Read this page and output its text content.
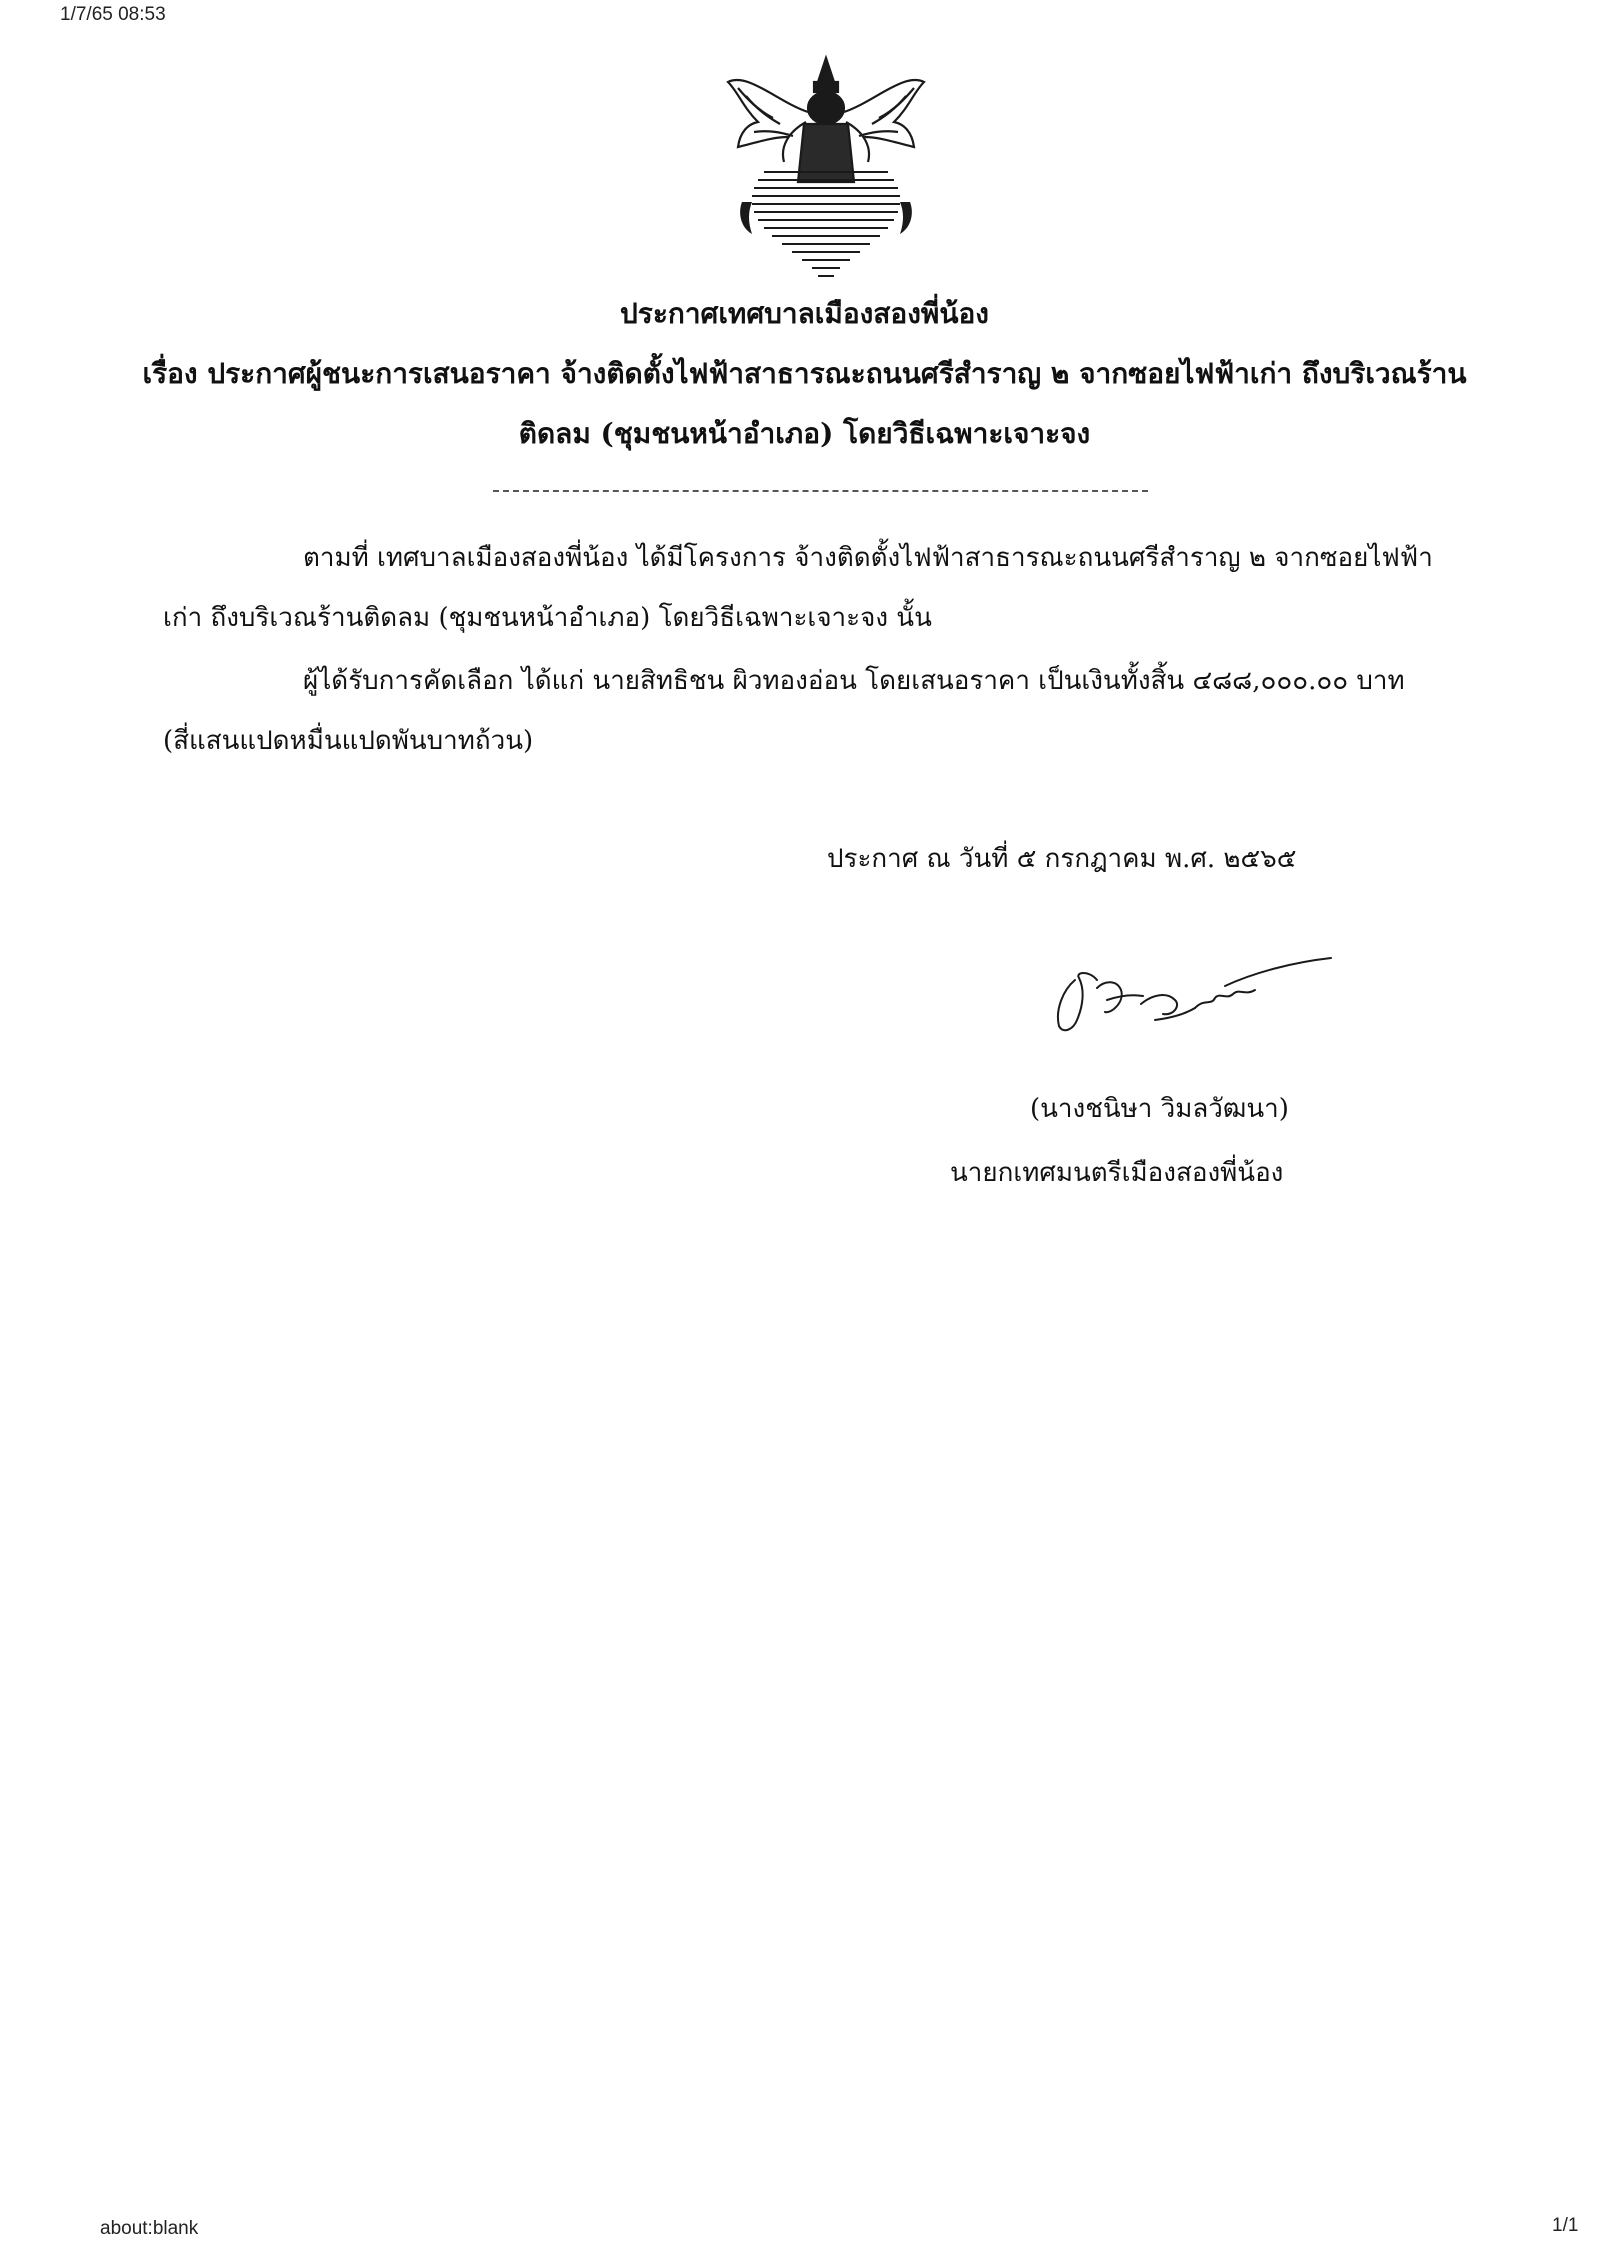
1/7/65 08:53
ประกาศเทศบาลเมืองสองพี่น้อง
เรื่อง ประกาศผู้ชนะการเสนอราคา จ้างติดตั้งไฟฟ้าสาธารณะถนนศรีสำราญ ๒ จากซอยไฟฟ้าเก่า ถึงบริเวณร้าน
ติดลม (ชุมชนหน้าอำเภอ) โดยวิธีเฉพาะเจาะจง
ตามที่ เทศบาลเมืองสองพี่น้อง ได้มีโครงการ จ้างติดตั้งไฟฟ้าสาธารณะถนนศรีสำราญ ๒ จากซอยไฟฟ้า
เก่า ถึงบริเวณร้านติดลม (ชุมชนหน้าอำเภอ) โดยวิธีเฉพาะเจาะจง นั้น
ผู้ได้รับการคัดเลือก ได้แก่ นายสิทธิชน ผิวทองอ่อน โดยเสนอราคา เป็นเงินทั้งสิ้น ๔๘๘,๐๐๐.๐๐ บาท
(สี่แสนแปดหมื่นแปดพันบาทถ้วน)
ประกาศ ณ วันที่ ๕ กรกฎาคม พ.ศ. ๒๕๖๕
(นางชนิษา วิมลวัฒนา)
นายกเทศมนตรีเมืองสองพี่น้อง
about:blank	1/1
